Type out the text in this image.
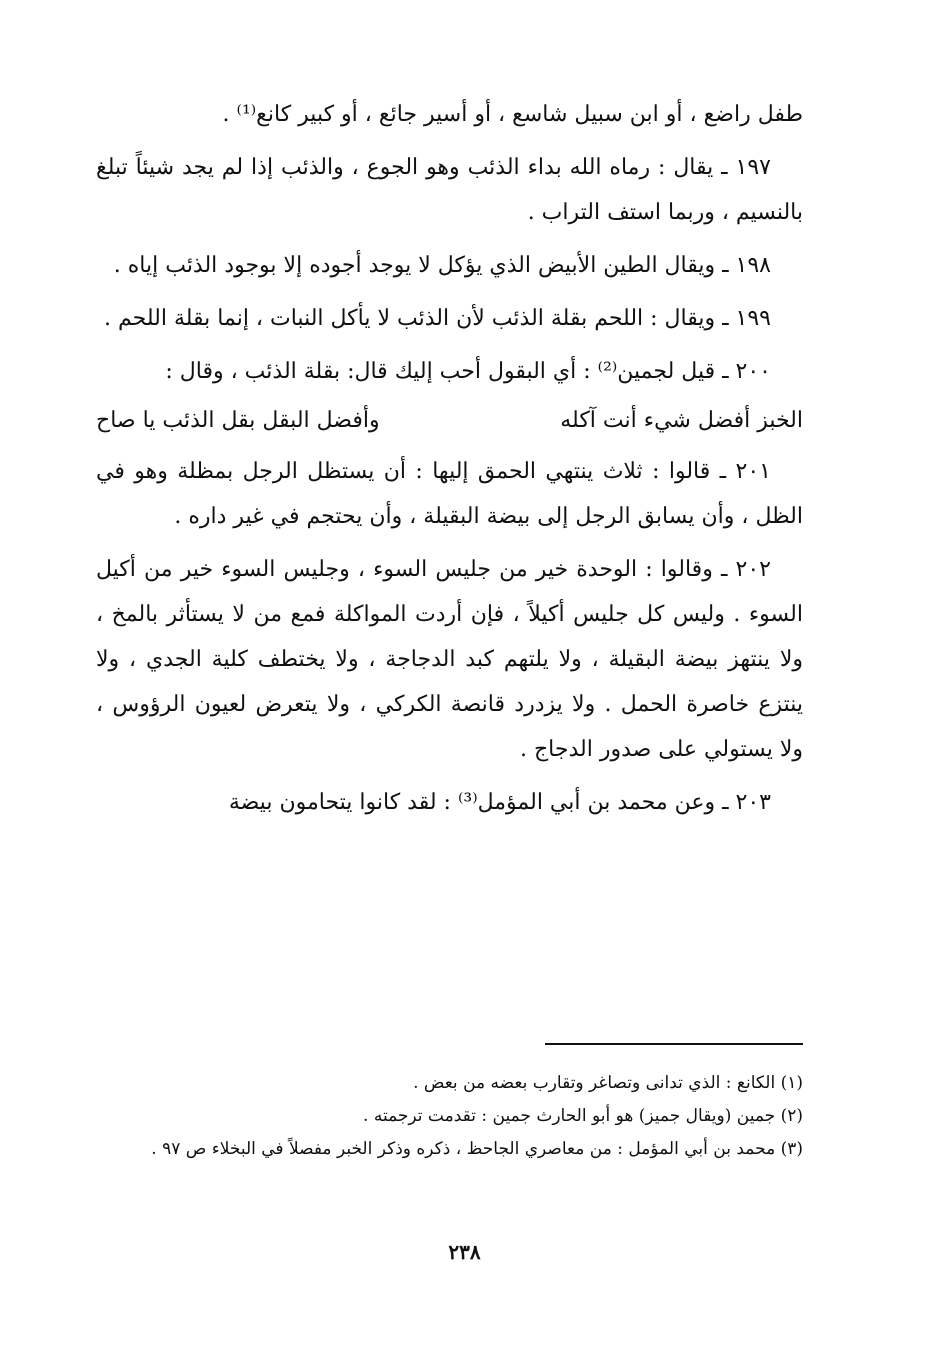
طفل راضع ، أو ابن سبيل شاسع ، أو أسير جائع ، أو كبير كانع⁽¹⁾ .

١٩٧ ـ يقال : رماه الله بداء الذئب وهو الجوع ، والذئب إذا لم يجد شيئاً تبلغ بالنسيم ، وربما استف التراب .

١٩٨ ـ ويقال الطين الأبيض الذي يؤكل لا يوجد أجوده إلا بوجود الذئب إياه .

١٩٩ ـ ويقال : اللحم بقلة الذئب لأن الذئب لا يأكل النبات ، إنما بقلة اللحم .

٢٠٠ ـ قيل لجمين⁽²⁾ : أي البقول أحب إليك قال: بقلة الذئب ، وقال :

الخبز أفضل شيء أنت آكله
وأفضل البقل بقل الذئب يا صاح

٢٠١ ـ قالوا : ثلاث ينتهي الحمق إليها : أن يستظل الرجل بمظلة وهو في الظل ، وأن يسابق الرجل إلى بيضة البقيلة ، وأن يحتجم في غير داره .

٢٠٢ ـ وقالوا : الوحدة خير من جليس السوء ، وجليس السوء خير من أكيل السوء . وليس كل جليس أكيلاً ، فإن أردت المواكلة فمع من لا يستأثر بالمخ ، ولا ينتهز بيضة البقيلة ، ولا يلتهم كبد الدجاجة ، ولا يختطف كلية الجدي ، ولا ينتزع خاصرة الحمل . ولا يزدرد قانصة الكركي ، ولا يتعرض لعيون الرؤوس ، ولا يستولي على صدور الدجاج .

٢٠٣ ـ وعن محمد بن أبي المؤمل⁽³⁾ : لقد كانوا يتحامون بيضة

(١) الكانع : الذي تدانى وتصاغر وتقارب بعضه من بعض .

(٢) جمين (ويقال جميز) هو أبو الحارث جمين : تقدمت ترجمته .

(٣) محمد بن أبي المؤمل : من معاصري الجاحظ ، ذكره وذكر الخبر مفصلاً في البخلاء ص ٩٧ .

٢٣٨
